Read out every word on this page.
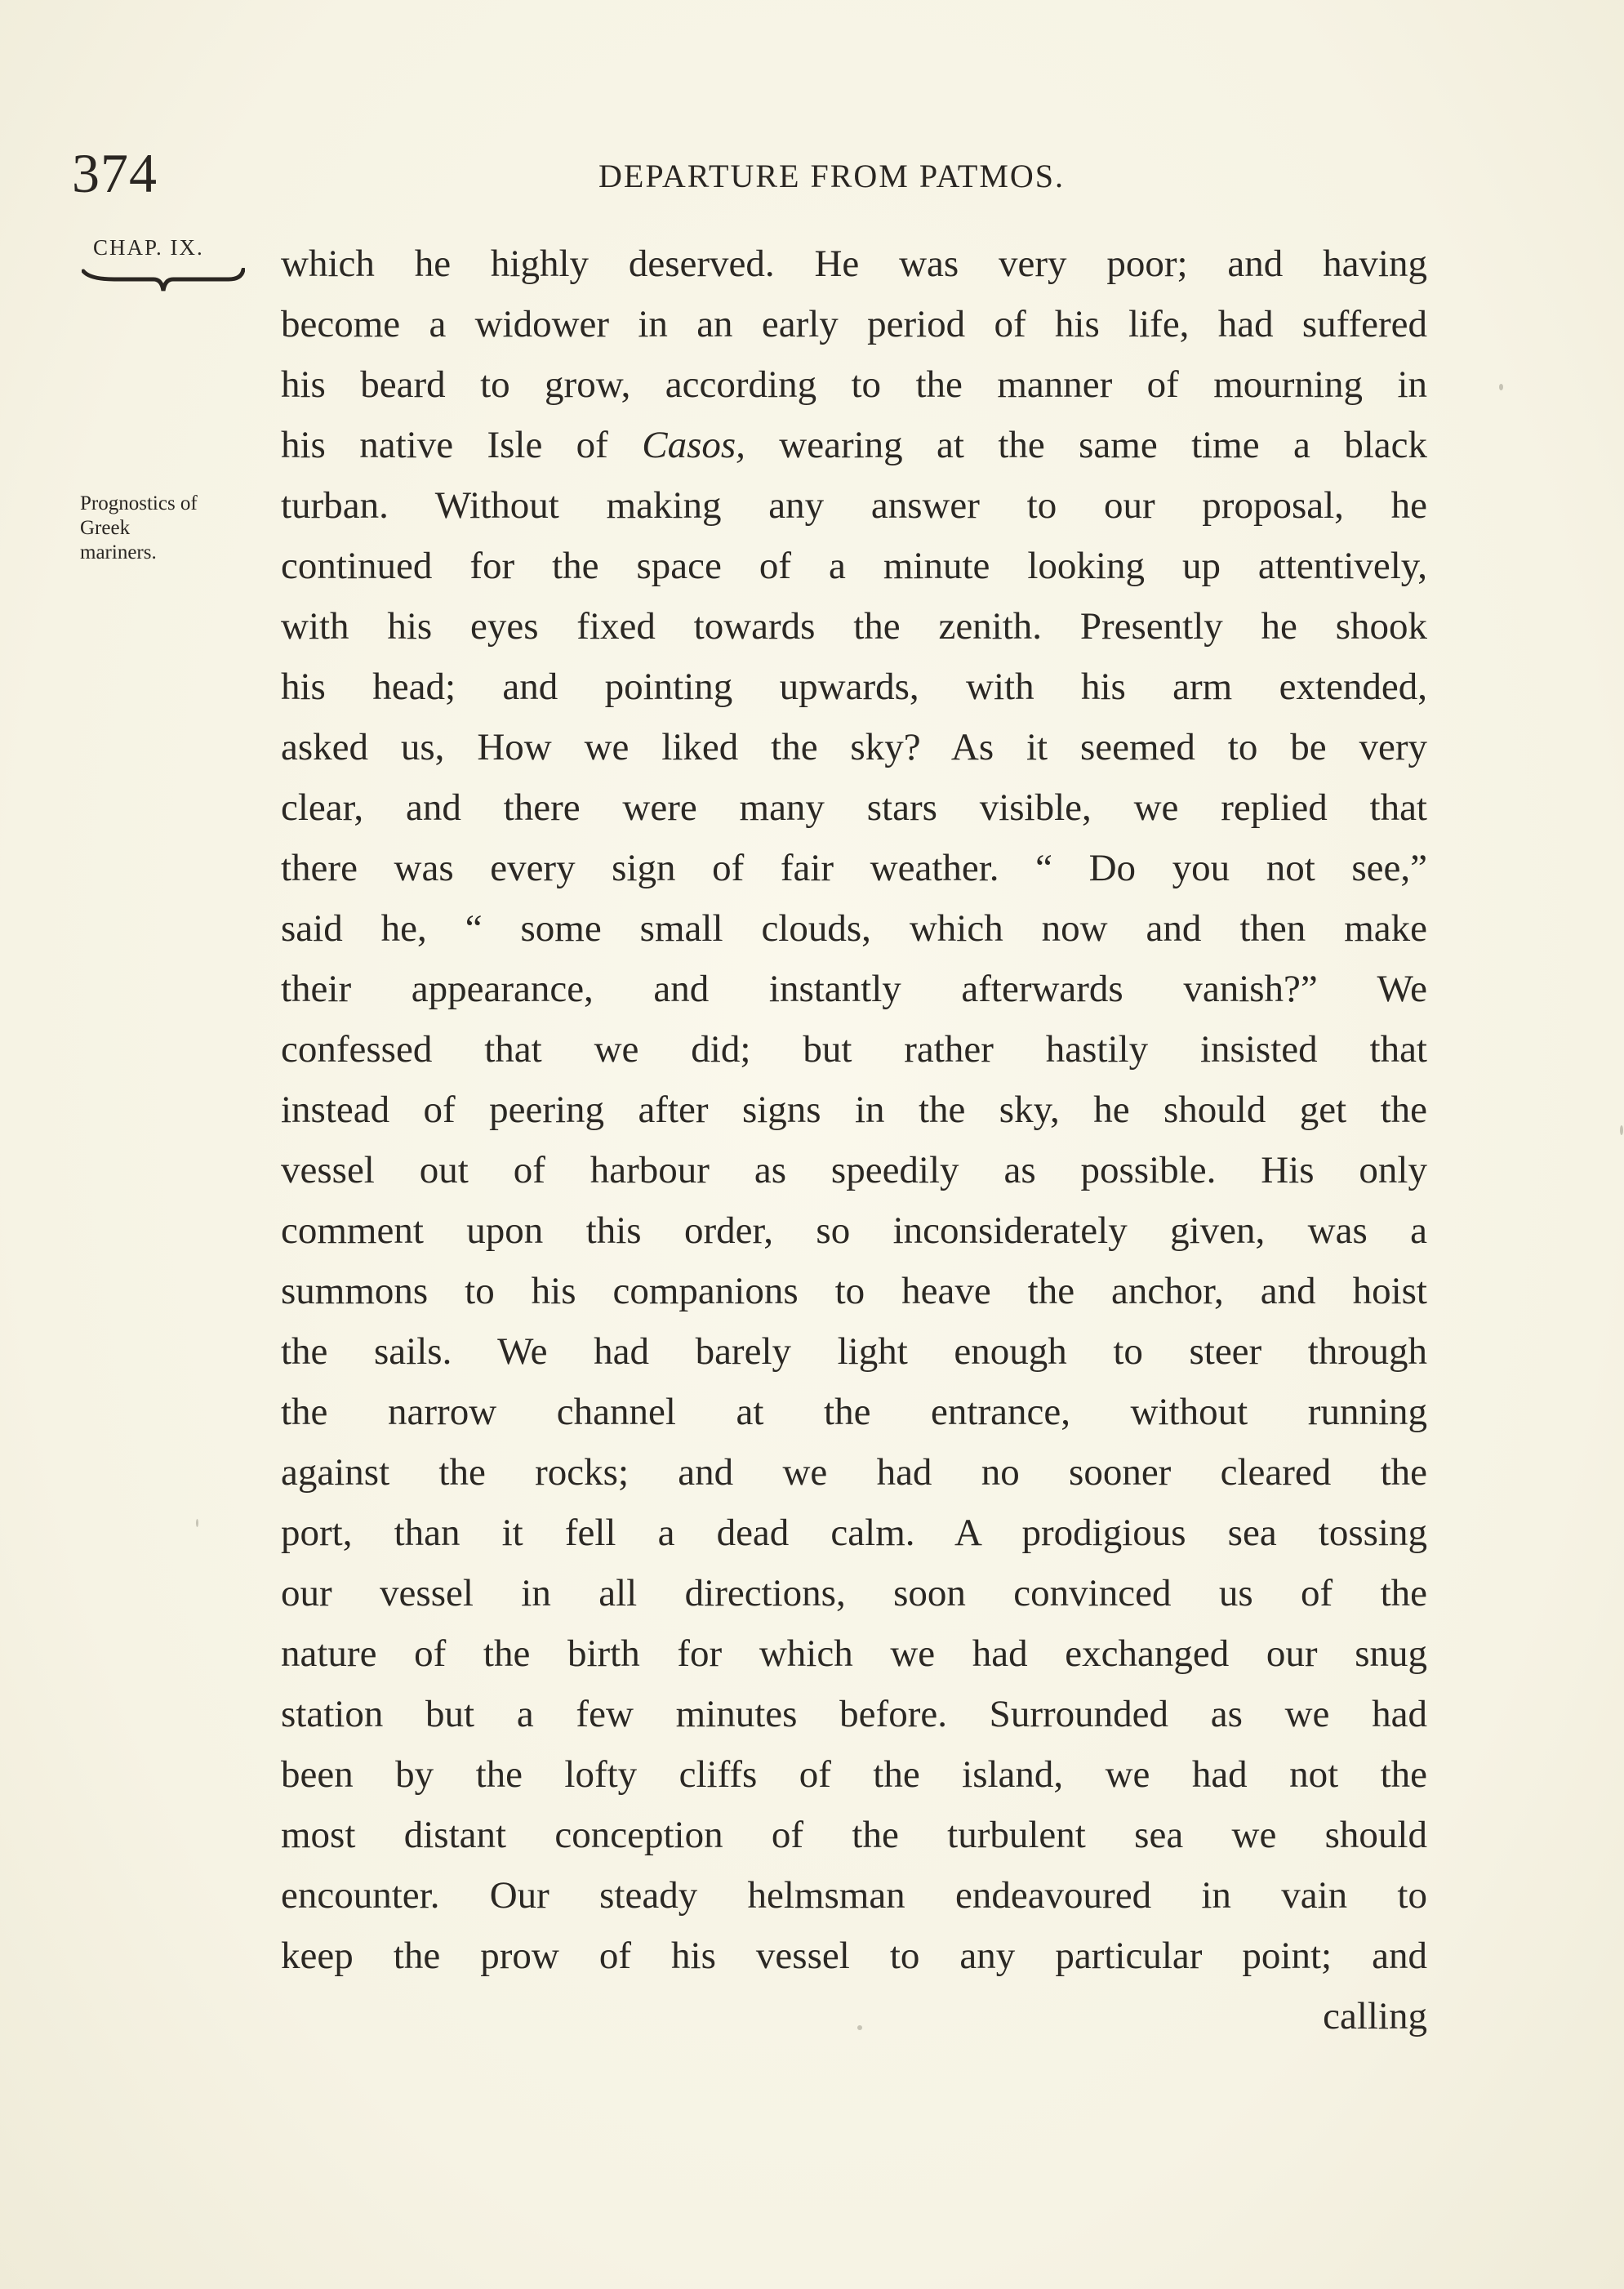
374	DEPARTURE FROM PATMOS.
CHAP. IX.
Prognostics of
Greek
mariners.
which he highly deserved. He was very poor; and having
become a widower in an early period of his life, had suffered
his beard to grow, according to the manner of mourning in
his native Isle of Casos, wearing at the same time a black
turban. Without making any answer to our proposal, he
continued for the space of a minute looking up attentively,
with his eyes fixed towards the zenith. Presently he shook
his head; and pointing upwards, with his arm extended,
asked us, How we liked the sky? As it seemed to be very
clear, and there were many stars visible, we replied that
there was every sign of fair weather. “ Do you not see,”
said he, “ some small clouds, which now and then make
their appearance, and instantly afterwards vanish?” We
confessed that we did; but rather hastily insisted that
instead of peering after signs in the sky, he should get the
vessel out of harbour as speedily as possible. His only
comment upon this order, so inconsiderately given, was a
summons to his companions to heave the anchor, and hoist
the sails. We had barely light enough to steer through
the narrow channel at the entrance, without running
against the rocks; and we had no sooner cleared the
port, than it fell a dead calm. A prodigious sea tossing
our vessel in all directions, soon convinced us of the
nature of the birth for which we had exchanged our snug
station but a few minutes before. Surrounded as we had
been by the lofty cliffs of the island, we had not the
most distant conception of the turbulent sea we should
encounter. Our steady helmsman endeavoured in vain to
keep the prow of his vessel to any particular point; and
calling
